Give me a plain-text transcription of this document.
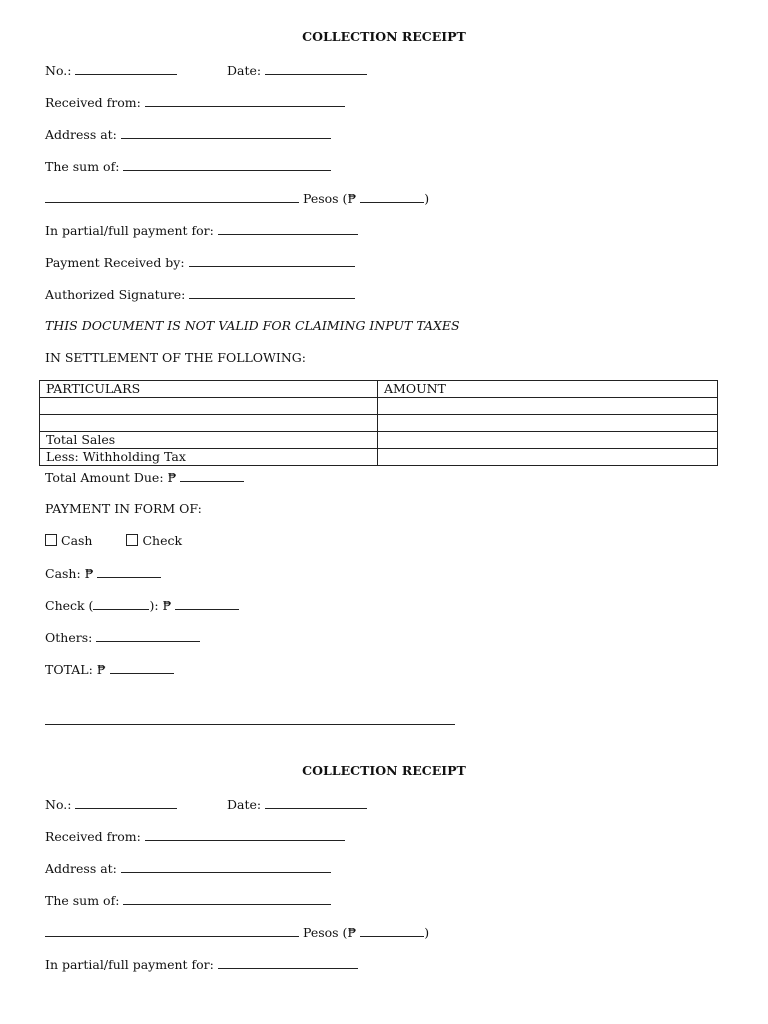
COLLECTION RECEIPT
No.:	Date:
Received from:
Address at:
The sum of:
Pesos (₱	)
In partial/full payment for:
Payment Received by:
Authorized Signature:
THIS DOCUMENT IS NOT VALID FOR CLAIMING INPUT TAXES
IN SETTLEMENT OF THE FOLLOWING:
PARTICULARS	AMOUNT

Total Sales	
Less: Withholding Tax	
Total Amount Due: ₱
PAYMENT IN FORM OF:
Cash	Check
Cash: ₱
Check (	): ₱
Others:
TOTAL: ₱
COLLECTION RECEIPT
No.:	Date:
Received from:
Address at:
The sum of:
Pesos (₱	)
In partial/full payment for:
